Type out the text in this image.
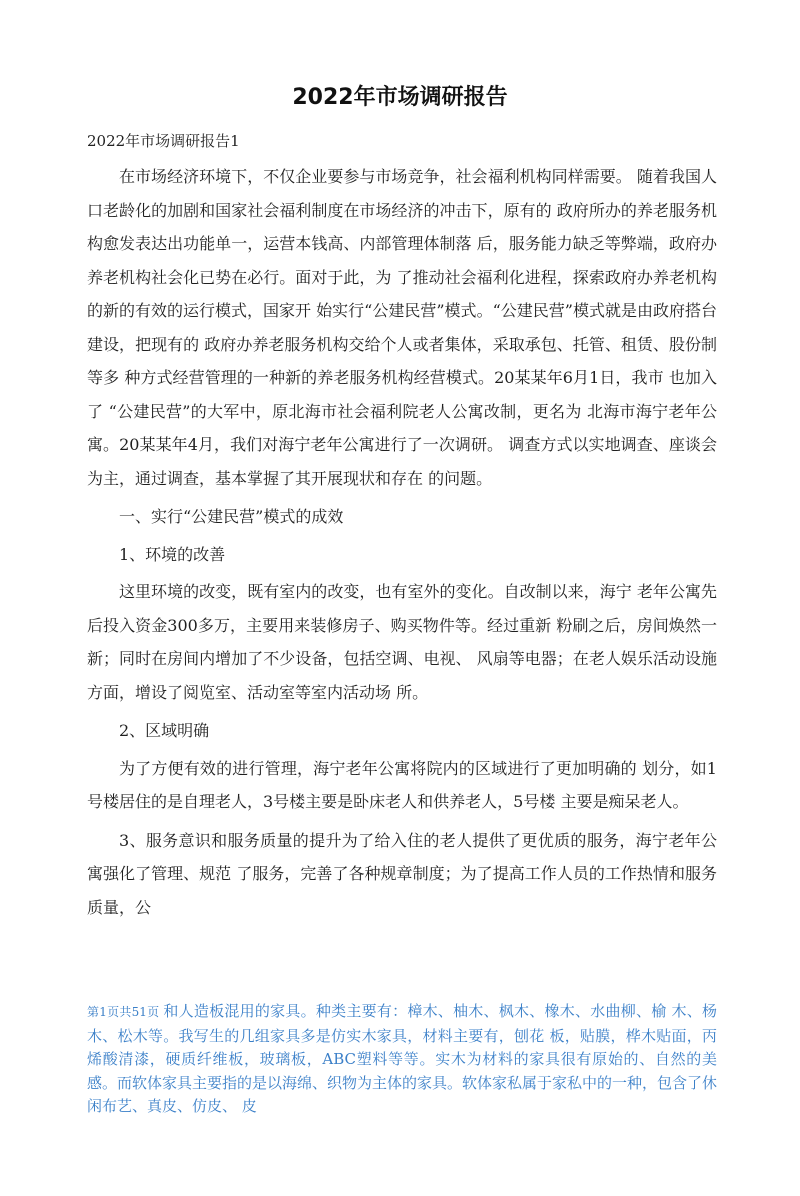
2022年市场调研报告
2022年市场调研报告1

在市场经济环境下，不仅企业要参与市场竞争，社会福利机构同样需要。 随着我国人口老龄化的加剧和国家社会福利制度在市场经济的冲击下，原有的 政府所办的养老服务机构愈发表达出功能单一，运营本钱高、内部管理体制落 后，服务能力缺乏等弊端，政府办养老机构社会化已势在必行。面对于此，为 了推动社会福利化进程，探索政府办养老机构的新的有效的运行模式，国家开 始实行“公建民营”模式。“公建民营”模式就是由政府搭台建设，把现有的 政府办养老服务机构交给个人或者集体，采取承包、托管、租赁、股份制等多 种方式经营管理的一种新的养老服务机构经营模式。20某某年6月1日，我市 也加入了 “公建民营”的大军中，原北海市社会福利院老人公寓改制，更名为 北海市海宁老年公寓。20某某年4月，我们对海宁老年公寓进行了一次调研。 调查方式以实地调查、座谈会为主，通过调查，基本掌握了其开展现状和存在 的问题。

一、实行“公建民营”模式的成效

1、环境的改善

这里环境的改变，既有室内的改变，也有室外的变化。自改制以来，海宁 老年公寓先后投入资金300多万，主要用来装修房子、购买物件等。经过重新 粉刷之后，房间焕然一新；同时在房间内增加了不少设备，包括空调、电视、 风扇等电器；在老人娱乐活动设施方面，增设了阅览室、活动室等室内活动场 所。

2、区域明确

为了方便有效的进行管理，海宁老年公寓将院内的区域进行了更加明确的 划分，如1号楼居住的是自理老人，3号楼主要是卧床老人和供养老人，5号楼 主要是痴呆老人。

3、服务意识和服务质量的提升为了给入住的老人提供了更优质的服务，海宁老年公寓强化了管理、规范 了服务，完善了各种规章制度；为了提高工作人员的工作热情和服务质量，公

第1页共51页 和人造板混用的家具。种类主要有：樟木、柚木、枫木、橡木、水曲柳、榆 木、杨木、松木等。我写生的几组家具多是仿实木家具，材料主要有，刨花 板，贴膜，桦木贴面，丙烯酸清漆，硬质纤维板，玻璃板，ABC塑料等等。实木为材料的家具很有原始的、自然的美感。而软体家具主要指的是以海绵、织物为主体的家具。软体家私属于家私中的一种，包含了休闲布艺、真皮、仿皮、 皮
